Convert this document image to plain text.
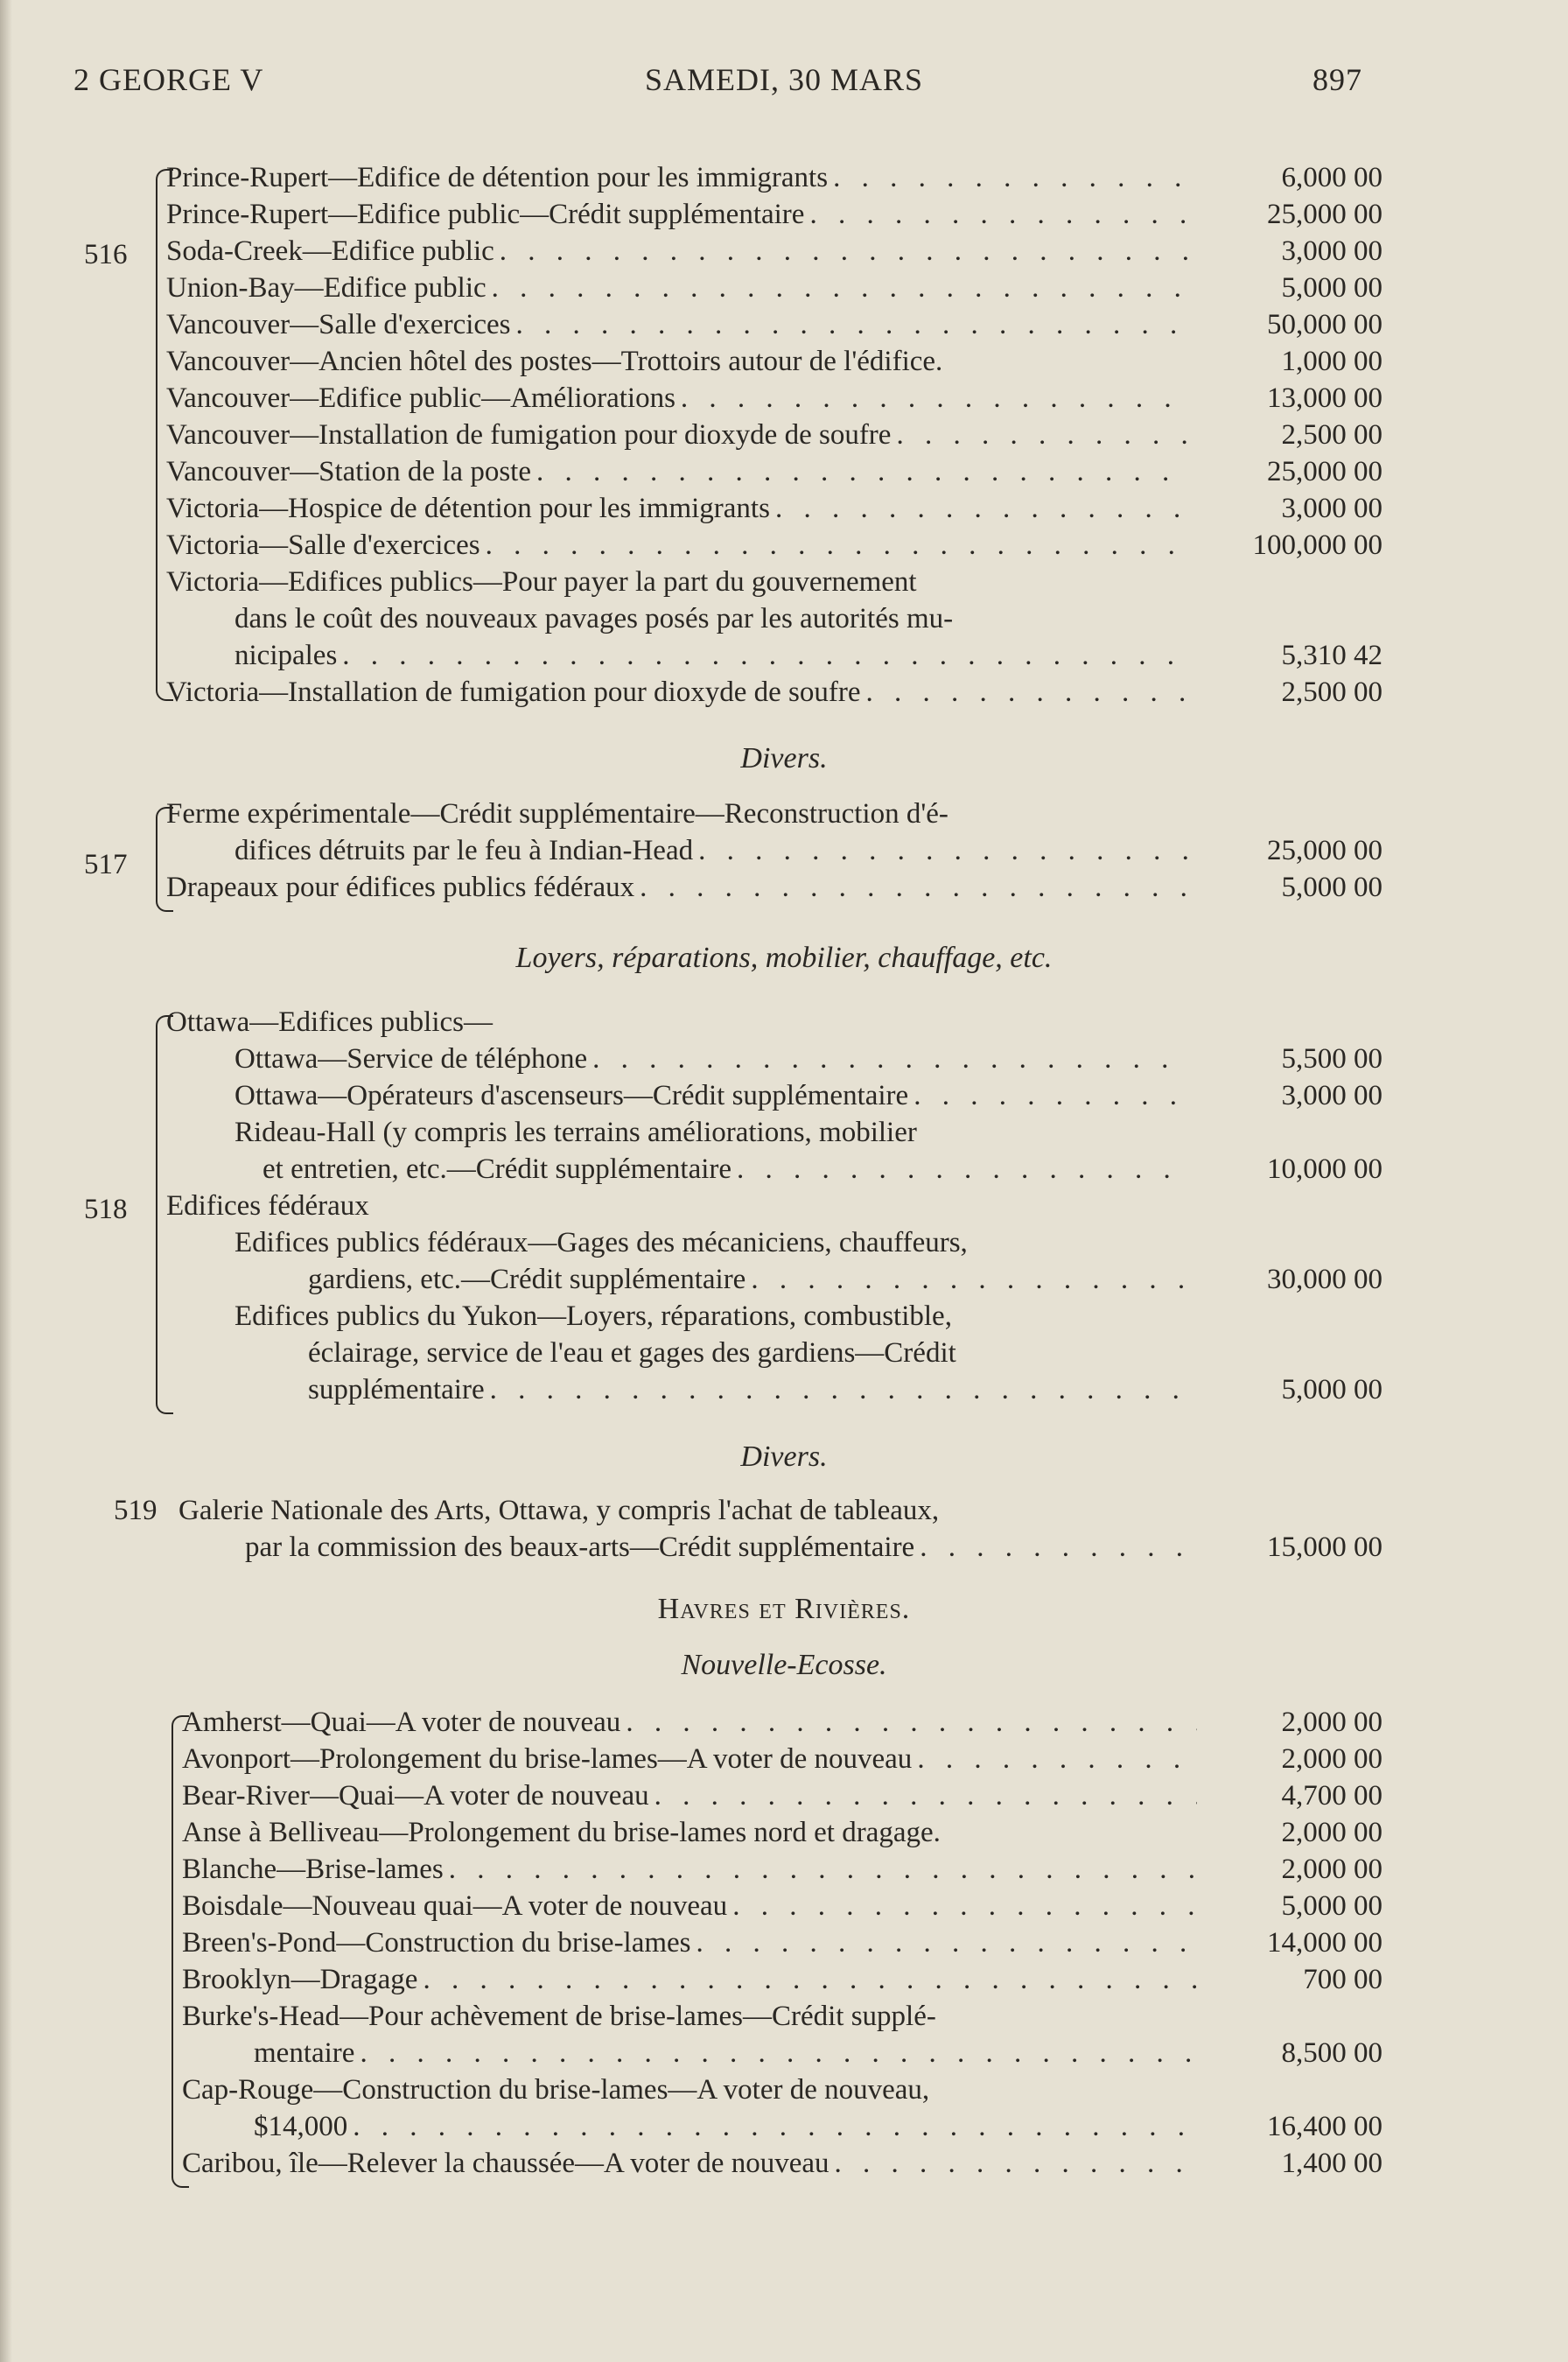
2 GEORGE V	SAMEDI, 30 MARS	897
516
Prince-Rupert—Edifice de détention pour les immigrants . . .	6,000 00
Prince-Rupert—Edifice public—Crédit supplémentaire . . .	25,000 00
Soda-Creek—Edifice public . . .	3,000 00
Union-Bay—Edifice public . . .	5,000 00
Vancouver—Salle d'exercices . . .	50,000 00
Vancouver—Ancien hôtel des postes—Trottoirs autour de l'édifice.	1,000 00
Vancouver—Edifice public—Améliorations . . .	13,000 00
Vancouver—Installation de fumigation pour dioxyde de soufre . . .	2,500 00
Vancouver—Station de la poste . . .	25,000 00
Victoria—Hospice de détention pour les immigrants . . .	3,000 00
Victoria—Salle d'exercices . . .	100,000 00
Victoria—Edifices publics—Pour payer la part du gouvernement
dans le coût des nouveaux pavages posés par les autorités mu-
nicipales . . .	5,310 42
Victoria—Installation de fumigation pour dioxyde de soufre . . .	2,500 00
Divers.
517
Ferme expérimentale—Crédit supplémentaire—Reconstruction d'é-
difices détruits par le feu à Indian-Head . . .	25,000 00
Drapeaux pour édifices publics fédéraux . . .	5,000 00
Loyers, réparations, mobilier, chauffage, etc.
518
Ottawa—Edifices publics—
Ottawa—Service de téléphone . . .	5,500 00
Ottawa—Opérateurs d'ascenseurs—Crédit supplémentaire . . .	3,000 00
Rideau-Hall (y compris les terrains améliorations, mobilier
et entretien, etc.—Crédit supplémentaire . . .	10,000 00
Edifices fédéraux
Edifices publics fédéraux—Gages des mécaniciens, chauffeurs,
gardiens, etc.—Crédit supplémentaire . . .	30,000 00
Edifices publics du Yukon—Loyers, réparations, combustible,
éclairage, service de l'eau et gages des gardiens—Crédit
supplémentaire . . .	5,000 00
Divers.
519 Galerie Nationale des Arts, Ottawa, y compris l'achat de tableaux,
par la commission des beaux-arts—Crédit supplémentaire . . .	15,000 00
Havres et Rivières.
Nouvelle-Ecosse.
Amherst—Quai—A voter de nouveau . . .	2,000 00
Avonport—Prolongement du brise-lames—A voter de nouveau . . .	2,000 00
Bear-River—Quai—A voter de nouveau . . .	4,700 00
Anse à Belliveau—Prolongement du brise-lames nord et dragage.	2,000 00
Blanche—Brise-lames . . .	2,000 00
Boisdale—Nouveau quai—A voter de nouveau . . .	5,000 00
Breen's-Pond—Construction du brise-lames . . .	14,000 00
Brooklyn—Dragage . . .	700 00
Burke's-Head—Pour achèvement de brise-lames—Crédit supplé-
mentaire . . .	8,500 00
Cap-Rouge—Construction du brise-lames—A voter de nouveau,
$14,000 . . .	16,400 00
Caribou, île—Relever la chaussée—A voter de nouveau . . .	1,400 00
